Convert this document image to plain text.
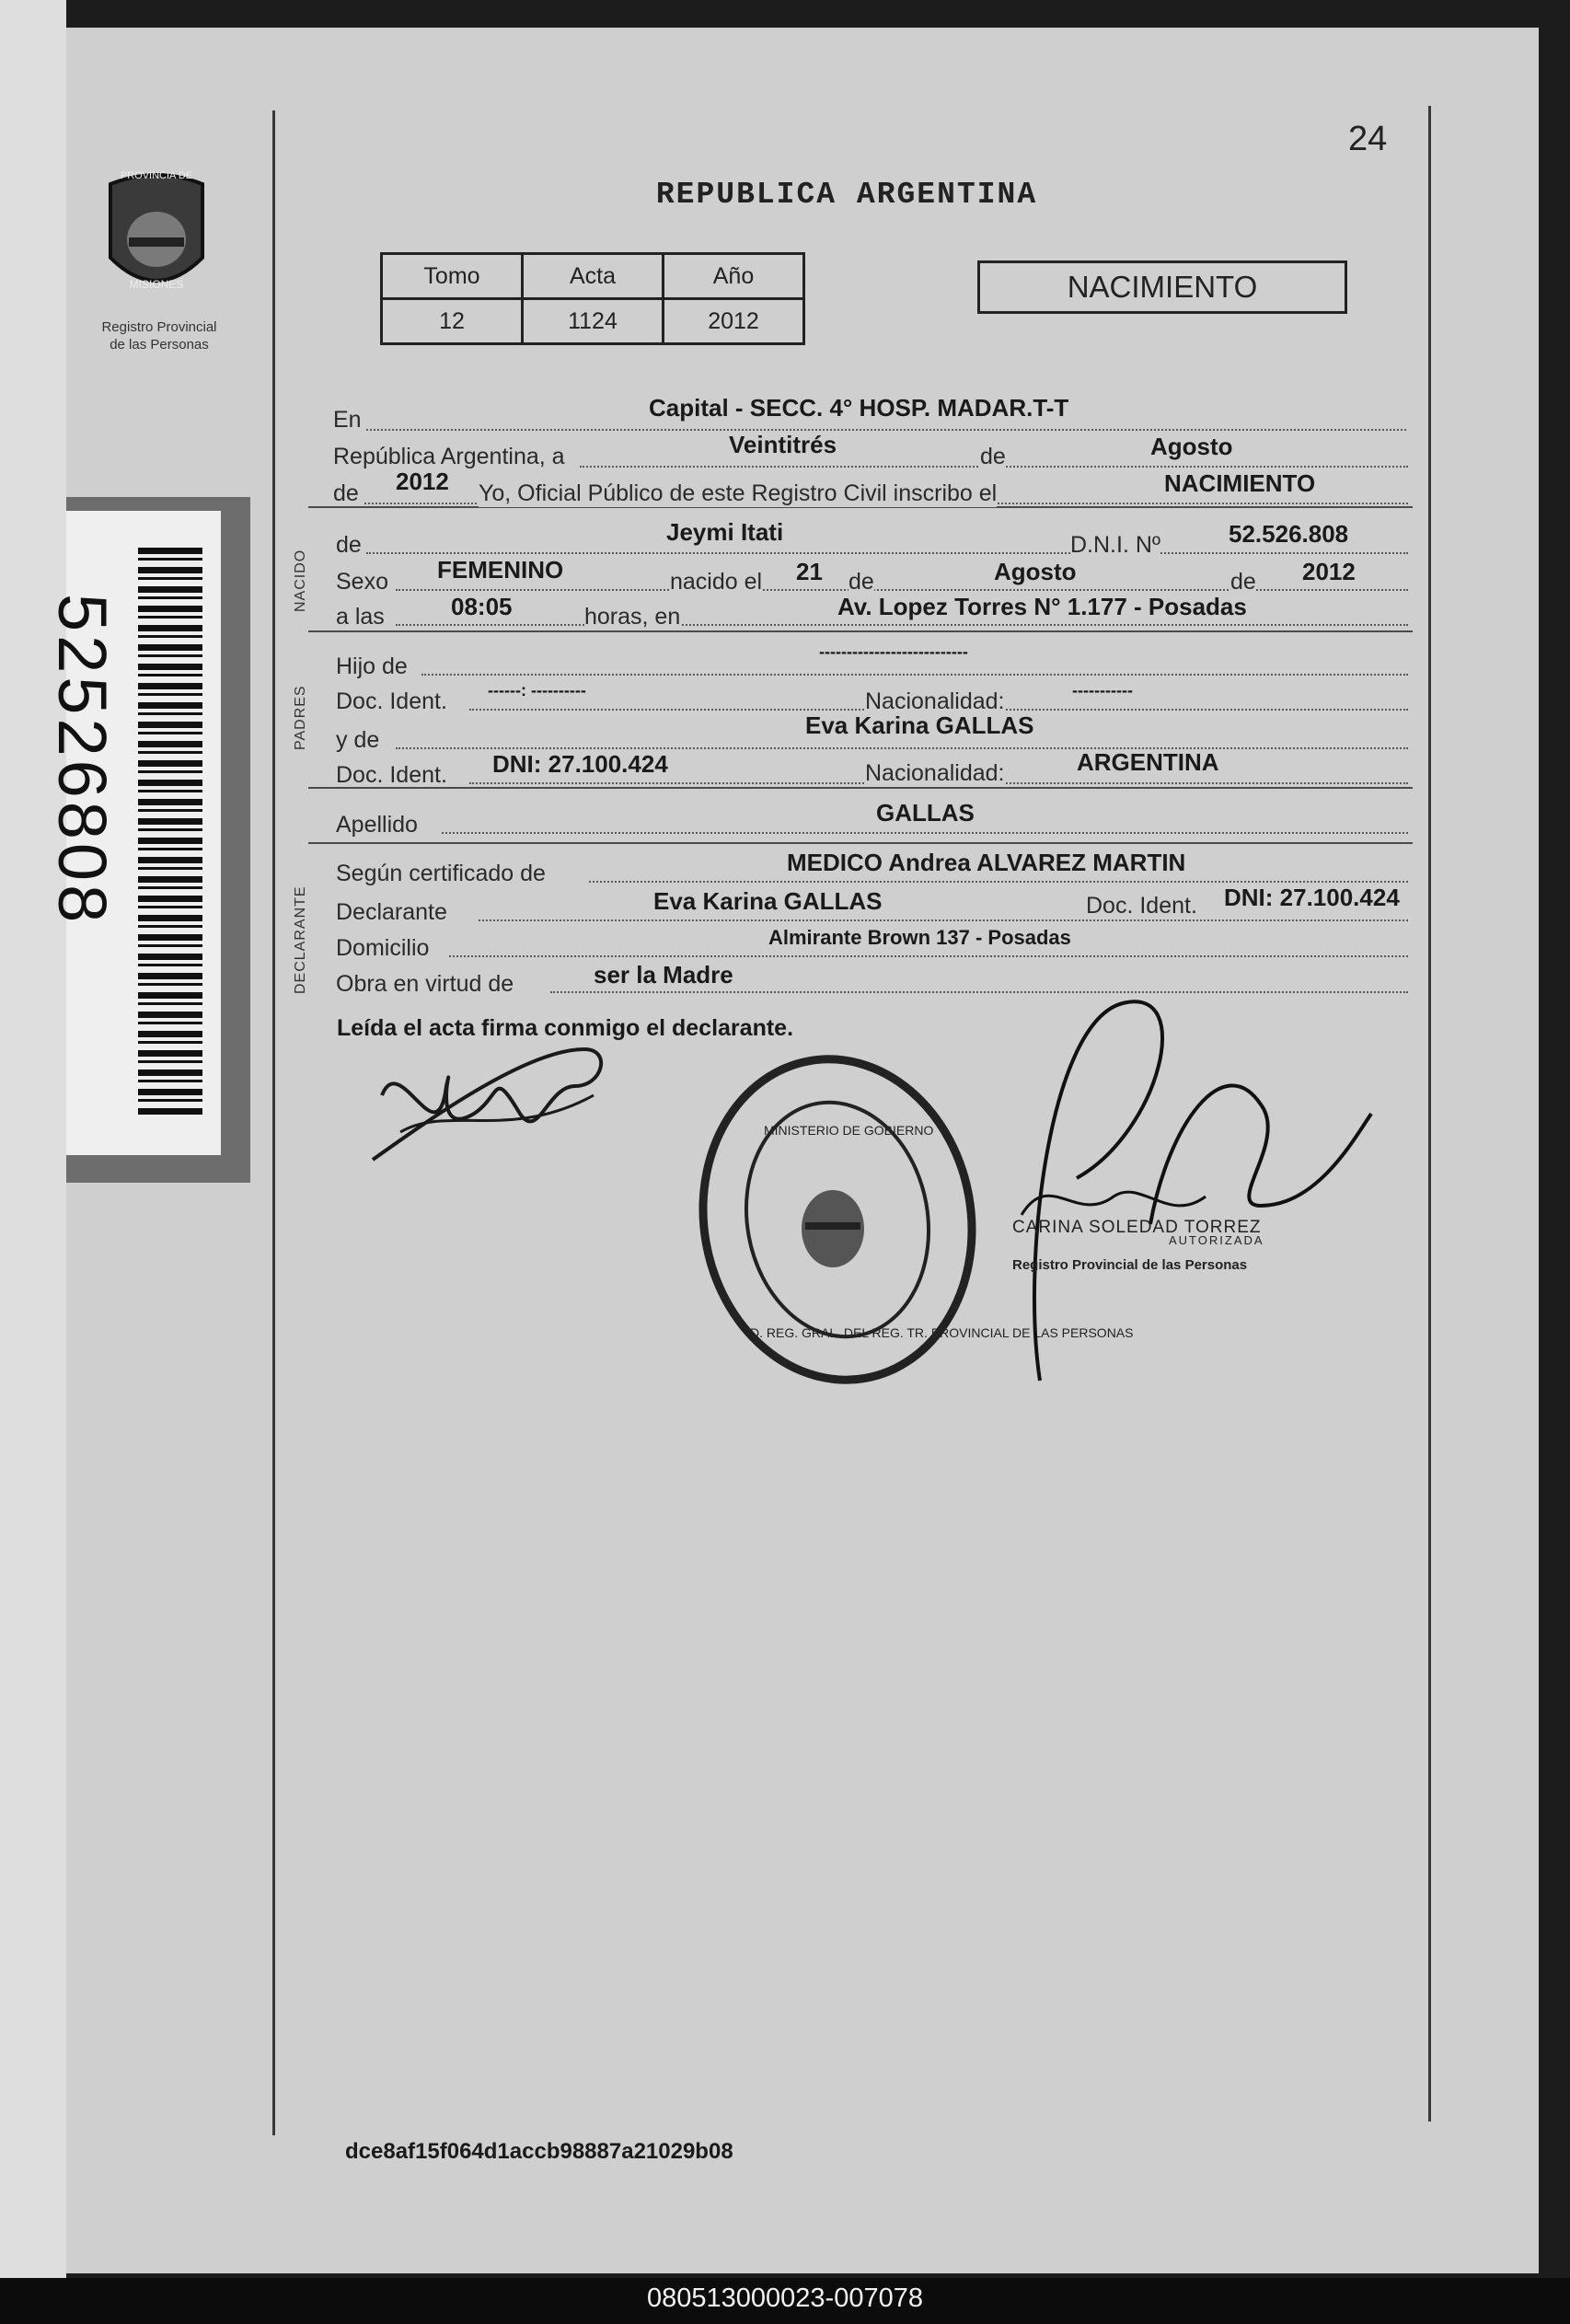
52526808
PROVINCIA DE
MISIONES
Registro Provincial
de las Personas
24
REPUBLICA ARGENTINA
Tomo	Acta	Año
12	1124	2012
NACIMIENTO
NACIDO
PADRES
DECLARANTE
En	Capital - SECC. 4° HOSP. MADAR.T-T
República Argentina, a	Veintitrés	de	Agosto
de 2012 Yo, Oficial Público de este Registro Civil inscribo el	NACIMIENTO
de	Jeymi Itati	D.N.I. Nº	52.526.808
Sexo FEMENINO	nacido el 21 de	Agosto	de 2012
a las	08:05	horas, en	Av. Lopez Torres N° 1.177 - Posadas
Hijo de
---------------------------
Doc. Ident. ------: ----------	Nacionalidad:	-----------
y de
Eva Karina GALLAS
Doc. Ident. DNI: 27.100.424	Nacionalidad:	ARGENTINA
Apellido	GALLAS
Según certificado de	MEDICO Andrea ALVAREZ MARTIN
Declarante	Eva Karina GALLAS	Doc. Ident. DNI: 27.100.424
Domicilio	Almirante Brown 137 - Posadas
Obra en virtud de	ser la Madre
Leída el acta firma conmigo el declarante.
D. REG. GRAL. DEL REG. TR. PROVINCIAL DE LAS PERSONAS
MINISTERIO DE GOBIERNO
CARINA SOLEDAD TORREZ
AUTORIZADA
Registro Provincial de las Personas
dce8af15f064d1accb98887a21029b08
080513000023-007078
